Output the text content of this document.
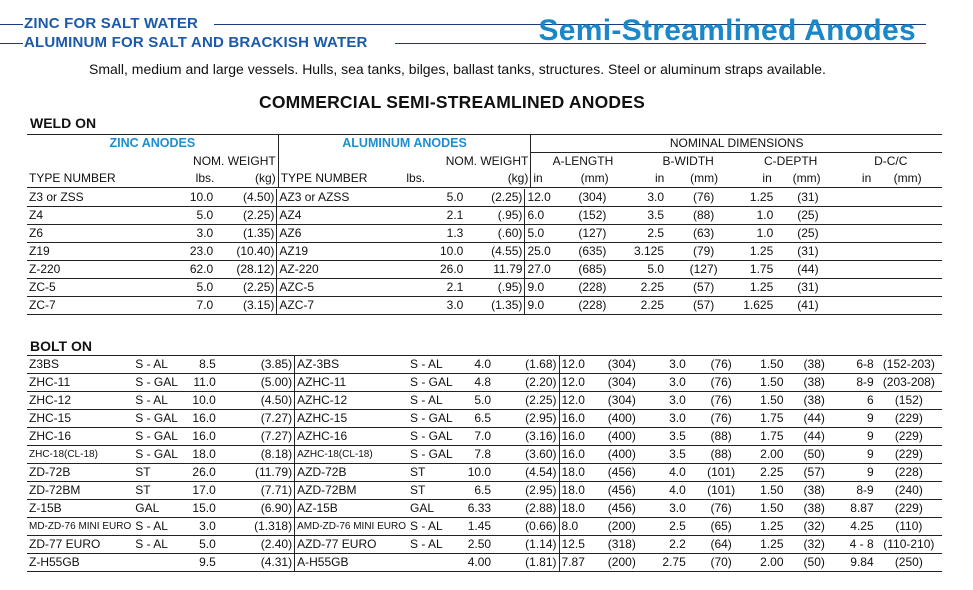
ZINC FOR SALT WATER
ALUMINUM FOR SALT AND BRACKISH WATER	Semi-Streamlined Anodes
Small, medium and large vessels. Hulls, sea tanks, bilges, ballast tanks, structures. Steel or aluminum straps available.
COMMERCIAL SEMI-STREAMLINED ANODES
WELD ON
ZINC ANODES				ALUMINUM ANODES				NOMINAL DIMENSIONS							
		NOM. WEIGHT				NOM. WEIGHT		A-LENGTH		B-WIDTH		C-DEPTH		D-C/C	
TYPE NUMBER		lbs.	(kg)	TYPE NUMBER	lbs.		(kg)	in	(mm)	in	(mm)	in	(mm)	in	(mm)
Z3 or ZSS	10.0	(4.50)	AZ3 or AZSS	5.0	(2.25)	12.0	(304)	3.0	(76)	1.25	(31)	
Z4	5.0	(2.25)	AZ4	2.1	(.95)	6.0	(152)	3.5	(88)	1.0	(25)	
Z6	3.0	(1.35)	AZ6	1.3	(.60)	5.0	(127)	2.5	(63)	1.0	(25)	
Z19	23.0	(10.40)	AZ19	10.0	(4.55)	25.0	(635)	3.125	(79)	1.25	(31)	
Z-220	62.0	(28.12)	AZ-220	26.0	11.79	27.0	(685)	5.0	(127)	1.75	(44)	
ZC-5	5.0	(2.25)	AZC-5	2.1	(.95)	9.0	(228)	2.25	(57)	1.25	(31)	
ZC-7	7.0	(3.15)	AZC-7	3.0	(1.35)	9.0	(228)	2.25	(57)	1.625	(41)	
BOLT ON
Z3BS	S - AL	8.5	(3.85)	AZ-3BS	S - AL	4.0	(1.68)	12.0	(304)	3.0	(76)	1.50	(38)	6-8	(152-203)
ZHC-11	S - GAL	11.0	(5.00)	AZHC-11	S - GAL	4.8	(2.20)	12.0	(304)	3.0	(76)	1.50	(38)	8-9	(203-208)
ZHC-12	S - AL	10.0	(4.50)	AZHC-12	S - AL	5.0	(2.25)	12.0	(304)	3.0	(76)	1.50	(38)	6	(152)
ZHC-15	S - GAL	16.0	(7.27)	AZHC-15	S - GAL	6.5	(2.95)	16.0	(400)	3.0	(76)	1.75	(44)	9	(229)
ZHC-16	S - GAL	16.0	(7.27)	AZHC-16	S - GAL	7.0	(3.16)	16.0	(400)	3.5	(88)	1.75	(44)	9	(229)
ZHC-18(CL-18)	S - GAL	18.0	(8.18)	AZHC-18(CL-18)	S - GAL	7.8	(3.60)	16.0	(400)	3.5	(88)	2.00	(50)	9	(229)
ZD-72B	ST	26.0	(11.79)	AZD-72B	ST	10.0	(4.54)	18.0	(456)	4.0	(101)	2.25	(57)	9	(228)
ZD-72BM	ST	17.0	(7.71)	AZD-72BM	ST	6.5	(2.95)	18.0	(456)	4.0	(101)	1.50	(38)	8-9	(240)
Z-15B	GAL	15.0	(6.90)	AZ-15B	GAL	6.33	(2.88)	18.0	(456)	3.0	(76)	1.50	(38)	8.87	(229)
MD-ZD-76 MINI EURO	S - AL	3.0	(1.318)	AMD-ZD-76 MINI EURO	S - AL	1.45	(0.66)	8.0	(200)	2.5	(65)	1.25	(32)	4.25	(110)
ZD-77 EURO	S - AL	5.0	(2.40)	AZD-77 EURO	S - AL	2.50	(1.14)	12.5	(318)	2.2	(64)	1.25	(32)	4 - 8	(110-210)
Z-H55GB		9.5	(4.31)	A-H55GB		4.00	(1.81)	7.87	(200)	2.75	(70)	2.00	(50)	9.84	(250)
